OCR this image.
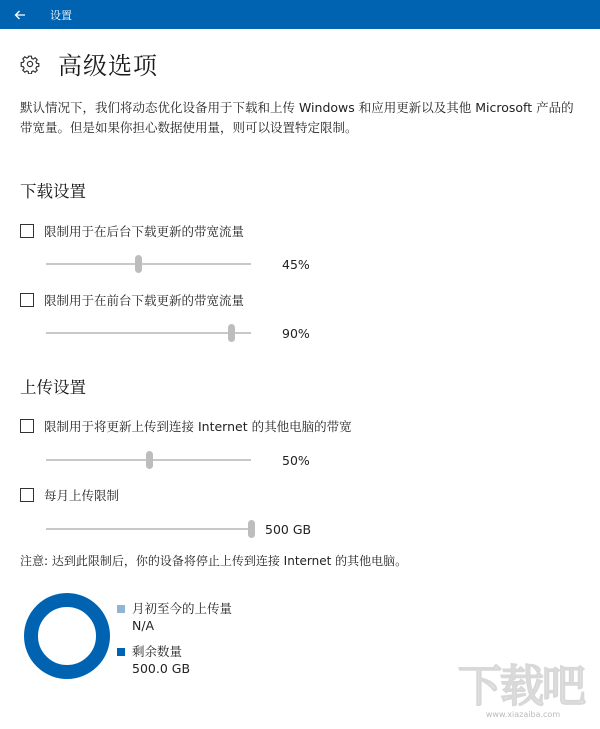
设置
高级选项
默认情况下，我们将动态优化设备用于下载和上传 Windows 和应用更新以及其他 Microsoft 产品的带宽量。但是如果你担心数据使用量，则可以设置特定限制。
下载设置
限制用于在后台下载更新的带宽流量
45%
限制用于在前台下载更新的带宽流量
90%
上传设置
限制用于将更新上传到连接 Internet 的其他电脑的带宽
50%
每月上传限制
500 GB
注意: 达到此限制后，你的设备将停止上传到连接 Internet 的其他电脑。
月初至今的上传量
N/A
剩余数量
500.0 GB	下载吧
www.xiazaiba.com
